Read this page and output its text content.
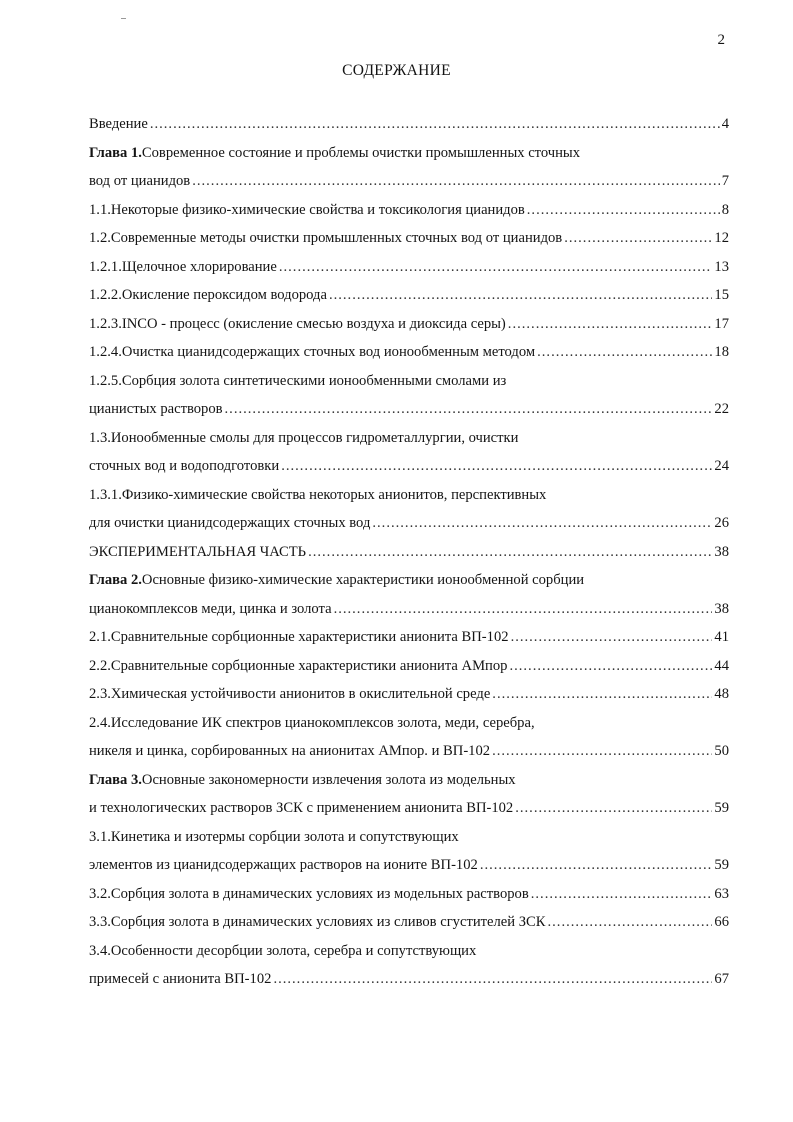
2
СОДЕРЖАНИЕ
Введение .....	4
Глава 1.Современное состояние и проблемы очистки промышленных сточных
вод от цианидов .....	7
1.1.Некоторые физико-химические свойства и токсикология цианидов .....	8
1.2.Современные методы очистки промышленных сточных вод от цианидов .....	12
1.2.1.Щелочное хлорирование .....	13
1.2.2.Окисление пероксидом водорода .....	15
1.2.3.INCO - процесс (окисление смесью воздуха и диоксида серы) .....	17
1.2.4.Очистка цианидсодержащих сточных вод ионообменным методом .....	18
1.2.5.Сорбция золота синтетическими ионообменными смолами из
цианистых растворов .....	22
1.3.Ионообменные смолы для процессов гидрометаллургии, очистки
сточных вод и водоподготовки .....	24
1.3.1.Физико-химические свойства некоторых анионитов, перспективных
для очистки цианидсодержащих сточных вод .....	26
ЭКСПЕРИМЕНТАЛЬНАЯ ЧАСТЬ .....	38
Глава 2.Основные физико-химические характеристики ионообменной сорбции
цианокомплексов меди, цинка и золота .....	38
2.1.Сравнительные сорбционные характеристики анионита ВП-102 .....	41
2.2.Сравнительные сорбционные характеристики анионита АМпор .....	44
2.3.Химическая устойчивости анионитов в окислительной среде .....	48
2.4.Исследование ИК спектров цианокомплексов золота, меди, серебра,
никеля и цинка, сорбированных на анионитах АМпор. и ВП-102 .....	50
Глава 3.Основные закономерности извлечения золота из модельных
и технологических растворов ЗСК с применением анионита ВП-102 .....	59
3.1.Кинетика и изотермы сорбции золота и сопутствующих
элементов из цианидсодержащих растворов на ионите ВП-102 .....	59
3.2.Сорбция золота в динамических условиях из модельных растворов .....	63
3.3.Сорбция золота в динамических условиях из сливов сгустителей ЗСК .....	66
3.4.Особенности десорбции золота, серебра и сопутствующих
примесей с анионита ВП-102 .....	67
